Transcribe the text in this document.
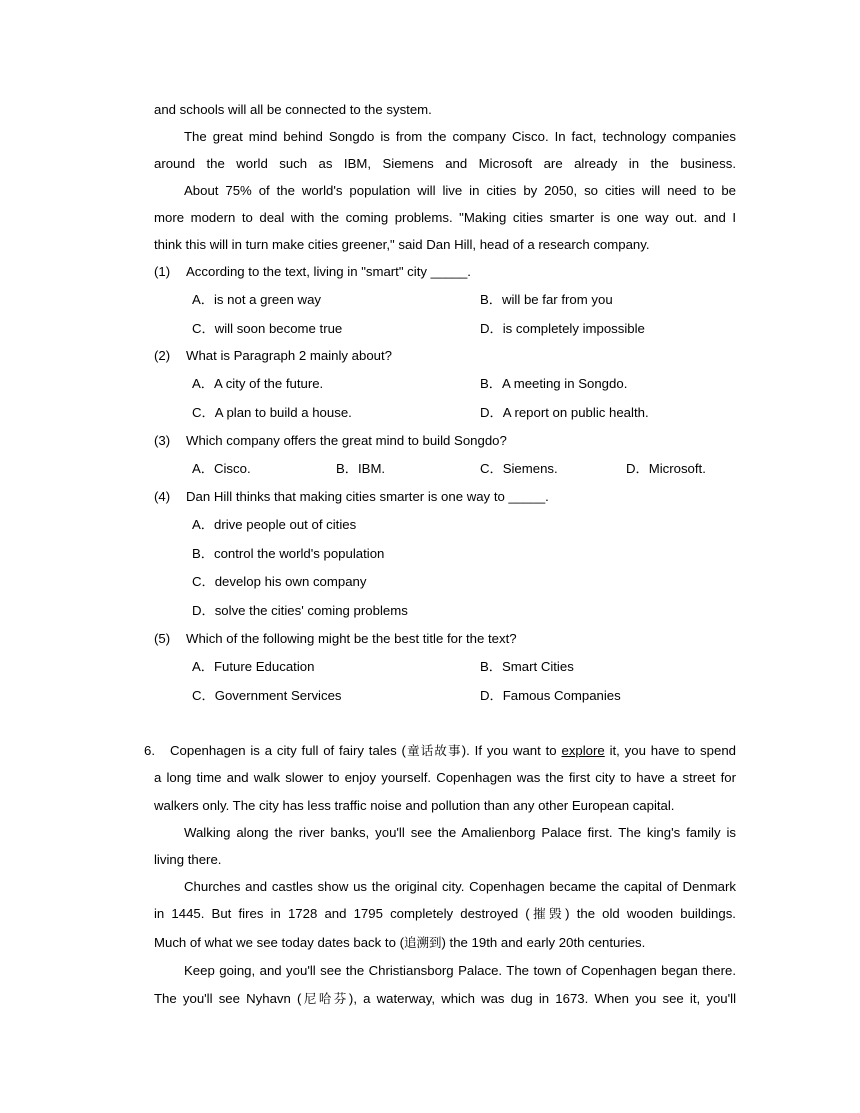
and schools will all be connected to the system.
The great mind behind Songdo is from the company Cisco. In fact, technology companies
around the world such as IBM, Siemens and Microsoft are already in the business.
About 75% of the world's population will live in cities by 2050, so cities will need to be
more modern to deal with the coming problems. "Making cities smarter is one way out. and I
think this will in turn make cities greener," said Dan Hill, head of a research company.
(1) According to the text, living in "smart" city _____.
A．is not a green way	B．will be far from you
C．will soon become true	D．is completely impossible
(2) What is Paragraph 2 mainly about?
A．A city of the future.	B．A meeting in Songdo.
C．A plan to build a house.	D．A report on public health.
(3) Which company offers the great mind to build Songdo?
A．Cisco.	B．IBM.	C．Siemens.	D．Microsoft.
(4) Dan Hill thinks that making cities smarter is one way to _____.
A．drive people out of cities
B．control the world's population
C．develop his own company
D．solve the cities' coming problems
(5) Which of the following might be the best title for the text?
A．Future Education	B．Smart Cities
C．Government Services	D．Famous Companies
6. Copenhagen is a city full of fairy tales (童话故事). If you want to explore it, you have to spend
a long time and walk slower to enjoy yourself. Copenhagen was the first city to have a street for
walkers only. The city has less traffic noise and pollution than any other European capital.
Walking along the river banks, you'll see the Amalienborg Palace first. The king's family is
living there.
Churches and castles show us the original city. Copenhagen became the capital of Denmark
in 1445. But fires in 1728 and 1795 completely destroyed (摧毁) the old wooden buildings.
Much of what we see today dates back to (追溯到) the 19th and early 20th centuries.
Keep going, and you'll see the Christiansborg Palace. The town of Copenhagen began there.
The you'll see Nyhavn (尼哈芬), a waterway, which was dug in 1673. When you see it, you'll
